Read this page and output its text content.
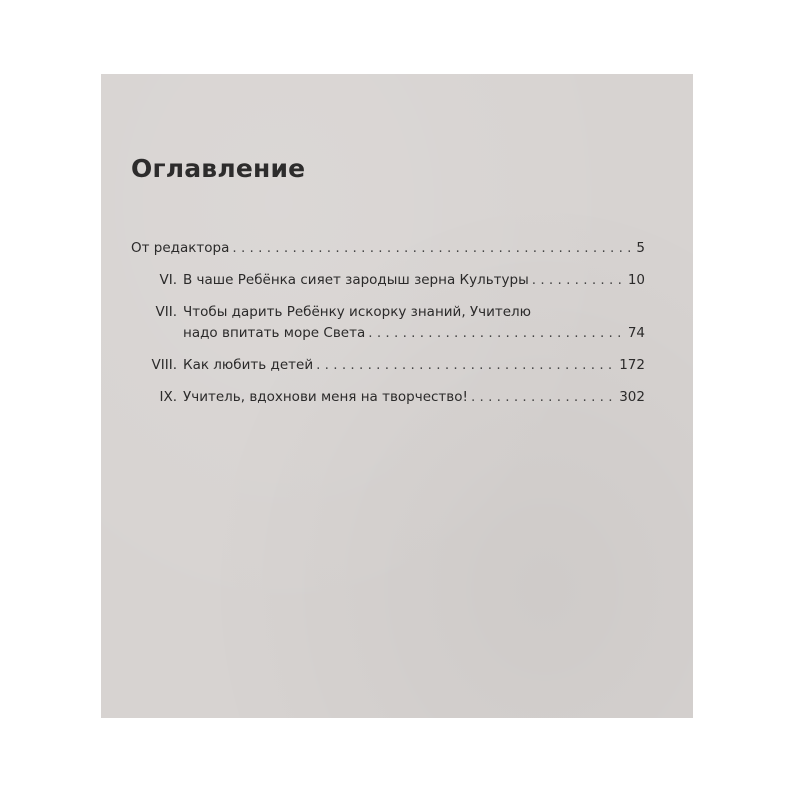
Оглавление
От редактора . . .	5
VI. В чаше Ребёнка сияет зародыш зерна Культуры . . .	10
VII. Чтобы дарить Ребёнку искорку знаний, Учителю
надо впитать море Света . . .	74
VIII. Как любить детей . . .	172
IX. Учитель, вдохнови меня на творчество! . . .	302
